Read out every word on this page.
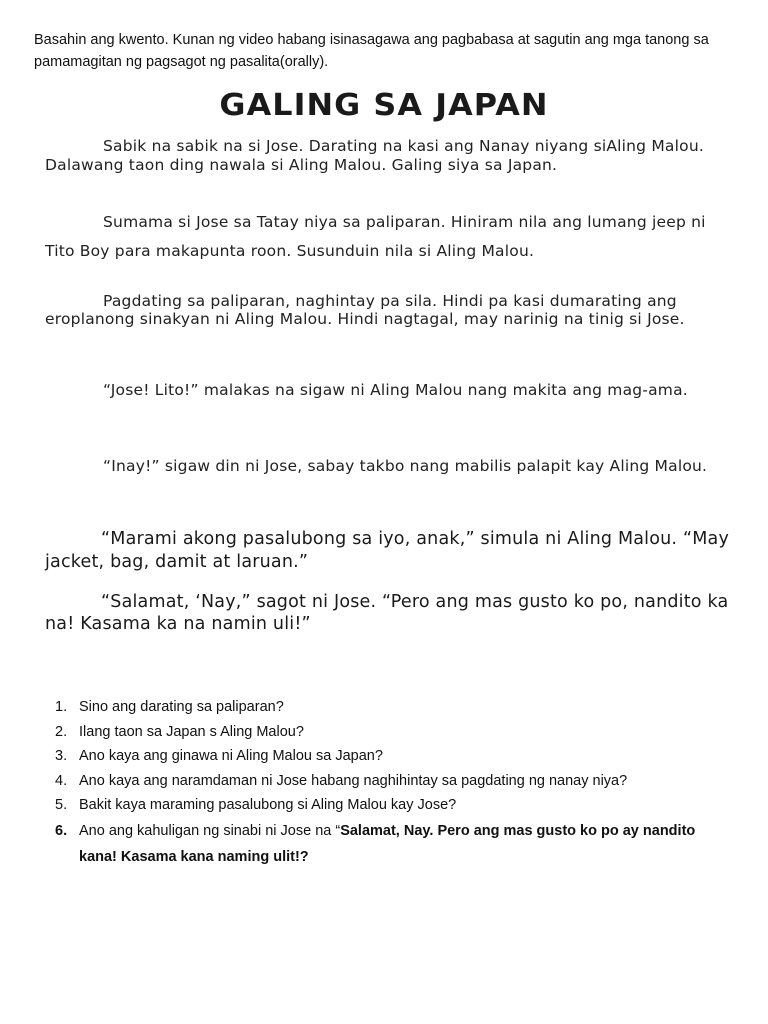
Basahin ang kwento. Kunan ng video habang isinasagawa ang pagbabasa at sagutin ang mga tanong sa pamamagitan ng pagsagot ng pasalita(orally).
GALING SA JAPAN

Sabik na sabik na si Jose. Darating na kasi ang Nanay niyang siAling Malou. Dalawang taon ding nawala si Aling Malou. Galing siya sa Japan.

Sumama si Jose sa Tatay niya sa paliparan. Hiniram nila ang lumang jeep ni Tito Boy para makapunta roon. Susunduin nila si Aling Malou.

Pagdating sa paliparan, naghintay pa sila. Hindi pa kasi dumarating ang eroplanong sinakyan ni Aling Malou. Hindi nagtagal, may narinig na tinig si Jose.

“Jose! Lito!” malakas na sigaw ni Aling Malou nang makita ang mag-ama.

“Inay!” sigaw din ni Jose, sabay takbo nang mabilis palapit kay Aling Malou.

“Marami akong pasalubong sa iyo, anak,” simula ni Aling Malou. “May jacket, bag, damit at laruan.”

“Salamat, ‘Nay,” sagot ni Jose. “Pero ang mas gusto ko po, nandito ka na! Kasama ka na namin uli!”

1. Sino ang darating sa paliparan?
2. Ilang taon sa Japan s Aling Malou?
3. Ano kaya ang ginawa ni Aling Malou sa Japan?
4. Ano kaya ang naramdaman ni Jose habang naghihintay sa pagdating ng nanay niya?
5. Bakit kaya maraming pasalubong si Aling Malou kay Jose?
6. Ano ang kahuligan ng sinabi ni Jose na “Salamat, Nay. Pero ang mas gusto ko po ay nandito kana! Kasama kana naming ulit!?
